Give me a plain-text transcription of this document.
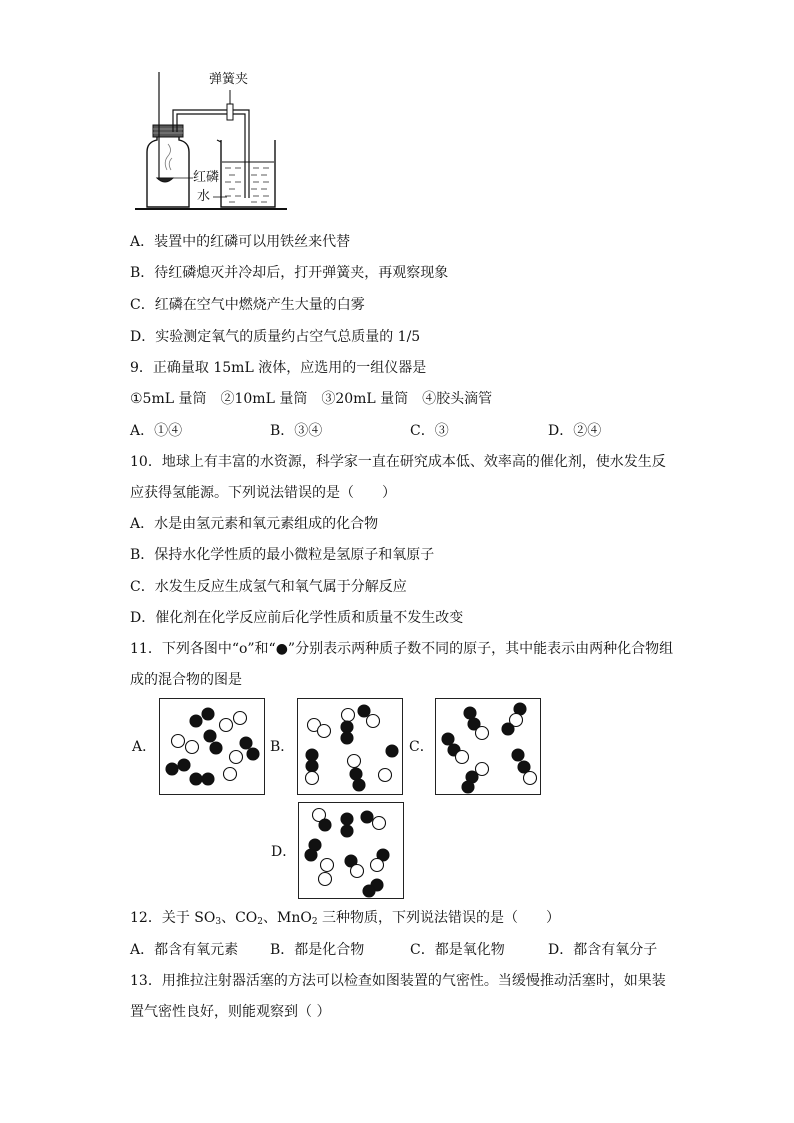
弹簧夹
红磷
水
A．装置中的红磷可以用铁丝来代替
B．待红磷熄灭并冷却后，打开弹簧夹，再观察现象
C．红磷在空气中燃烧产生大量的白雾
D．实验测定氧气的质量约占空气总质量的 1/5
9．正确量取 15mL 液体，应选用的一组仪器是
①5mL 量筒　②10mL 量筒　③20mL 量筒　④胶头滴管
A．①④	B．③④	C．③	D．②④
10．地球上有丰富的水资源，科学家一直在研究成本低、效率高的催化剂，使水发生反
应获得氢能源。下列说法错误的是（　　）
A．水是由氢元素和氧元素组成的化合物
B．保持水化学性质的最小微粒是氢原子和氧原子
C．水发生反应生成氢气和氧气属于分解反应
D．催化剂在化学反应前后化学性质和质量不发生改变
11．下列各图中“o”和“●”分别表示两种质子数不同的原子，其中能表示由两种化合物组
成的混合物的图是
A．	B．	C．
D．
12．关于 $SO_3$、$CO_2$、MnO$_2$ 三种物质，下列说法错误的是（　　）
A．都含有氧元素 B．都是化合物	C．都是氧化物	D．都含有氧分子
13．用推拉注射器活塞的方法可以检查如图装置的气密性。当缓慢推动活塞时，如果装
置气密性良好，则能观察到（ ）
